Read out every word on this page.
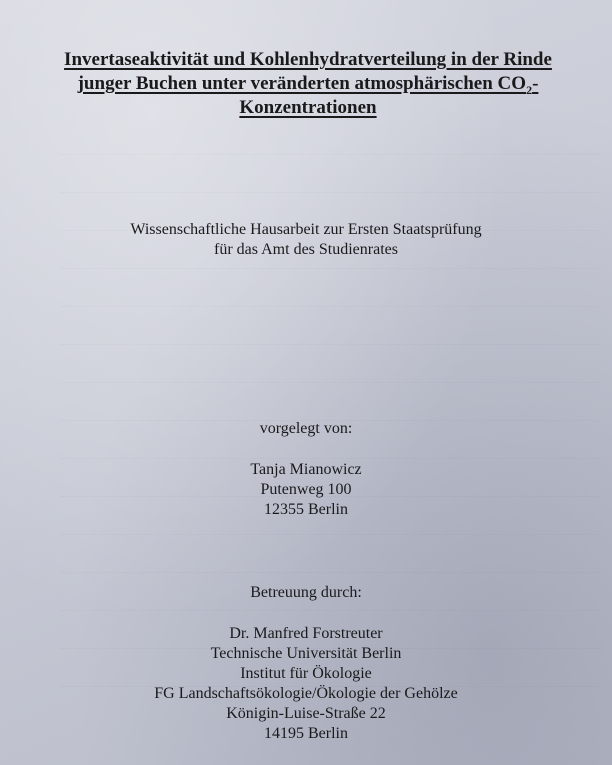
Invertaseaktivität und Kohlenhydratverteilung in der Rinde
junger Buchen unter veränderten atmosphärischen $CO_2-$
Konzentrationen
Wissenschaftliche Hausarbeit zur Ersten Staatsprüfung
für das Amt des Studienrates
vorgelegt von:
Tanja Mianowicz
Putenweg 100
12355 Berlin
Betreuung durch:
Dr. Manfred Forstreuter
Technische Universität Berlin
Institut für Ökologie
FG Landschaftsökologie/Ökologie der Gehölze
Königin-Luise-Straße 22
14195 Berlin
